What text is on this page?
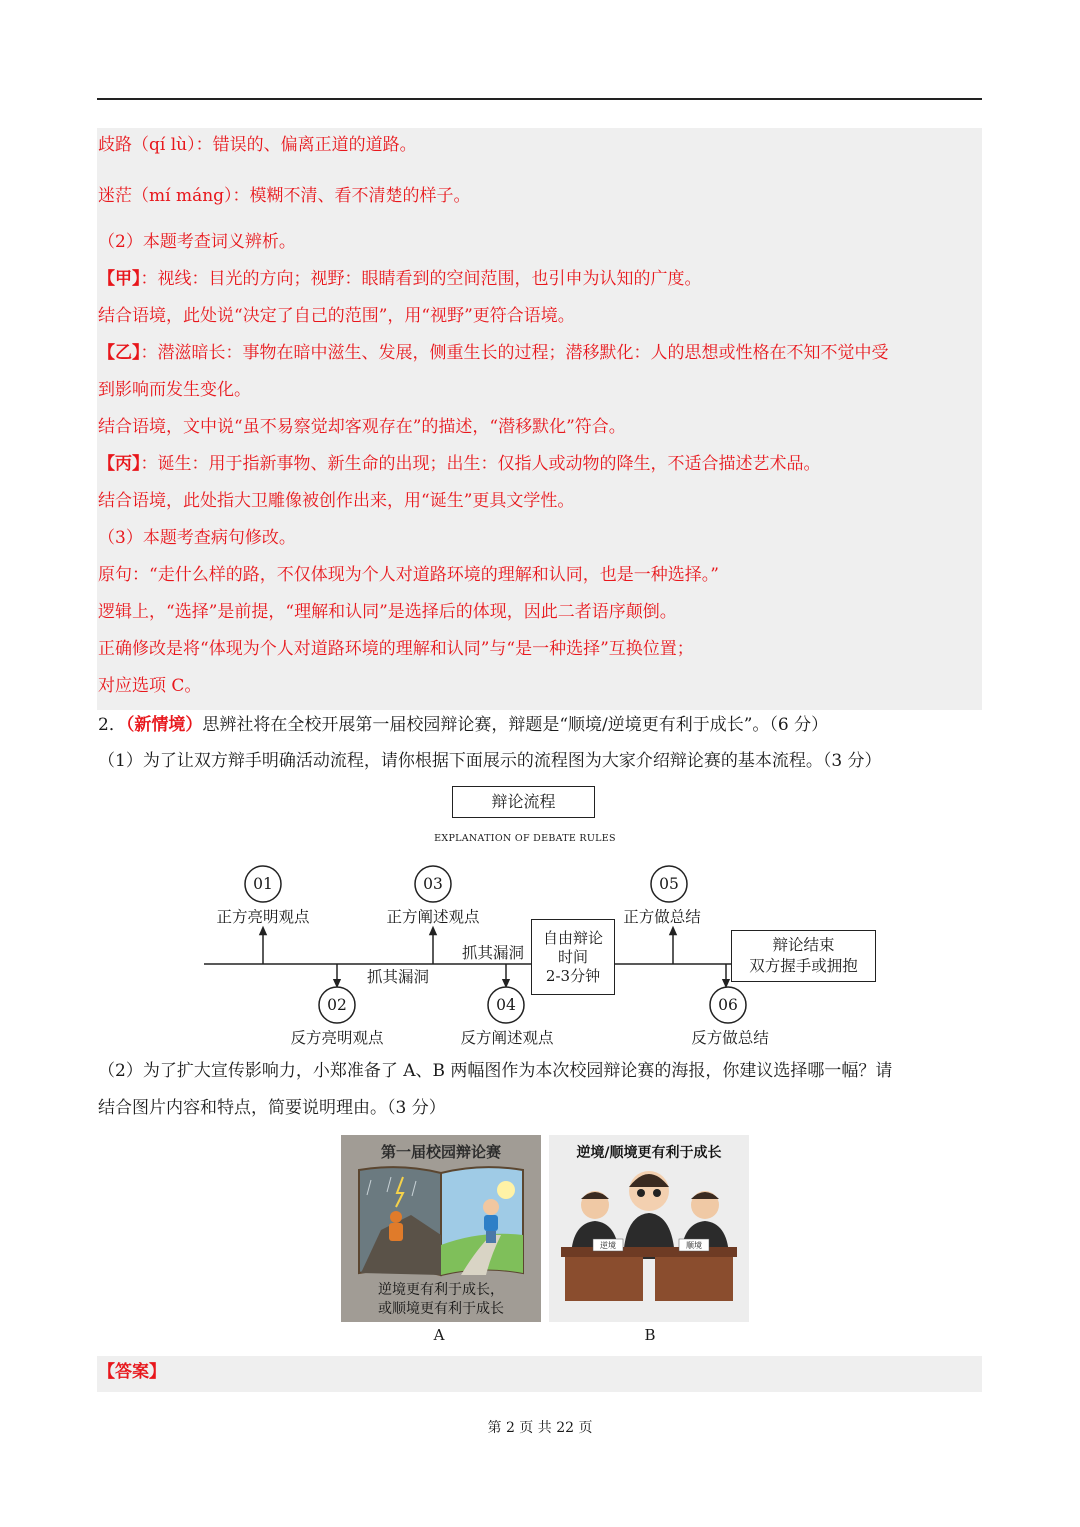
歧路（qí lù）：错误的、偏离正道的道路。
迷茫（mí máng）：模糊不清、看不清楚的样子。
（2）本题考查词义辨析。
【甲】：视线：目光的方向；视野：眼睛看到的空间范围，也引申为认知的广度。
结合语境，此处说“决定了自己的范围”，用“视野”更符合语境。
【乙】：潜滋暗长：事物在暗中滋生、发展，侧重生长的过程；潜移默化：人的思想或性格在不知不觉中受
到影响而发生变化。
结合语境，文中说“虽不易察觉却客观存在”的描述，“潜移默化”符合。
【丙】：诞生：用于指新事物、新生命的出现；出生：仅指人或动物的降生，不适合描述艺术品。
结合语境，此处指大卫雕像被创作出来，用“诞生”更具文学性。
（3）本题考查病句修改。
原句：“走什么样的路，不仅体现为个人对道路环境的理解和认同，也是一种选择。”
逻辑上，“选择”是前提，“理解和认同”是选择后的体现，因此二者语序颠倒。
正确修改是将“体现为个人对道路环境的理解和认同”与“是一种选择”互换位置；
对应选项 C。
2．（新情境）思辨社将在全校开展第一届校园辩论赛，辩题是“顺境/逆境更有利于成长”。（6 分）
（1）为了让双方辩手明确活动流程，请你根据下面展示的流程图为大家介绍辩论赛的基本流程。（3 分）
辩论流程
EXPLANATION OF DEBATE RULES
01	03	05
02	04	06
正方亮明观点	正方阐述观点	正方做总结
反方亮明观点	反方阐述观点	反方做总结
抓其漏洞
抓其漏洞
自由辩论
时间
2-3分钟
辩论结束
双方握手或拥抱
（2）为了扩大宣传影响力，小郑准备了 A、B 两幅图作为本次校园辩论赛的海报，你建议选择哪一幅？请
结合图片内容和特点，简要说明理由。（3 分）
第一届校园辩论赛
逆境更有利于成长，
或顺境更有利于成长
A
逆境/顺境更有利于成长
逆境	顺境
B
【答案】
第 2 页 共 22 页
